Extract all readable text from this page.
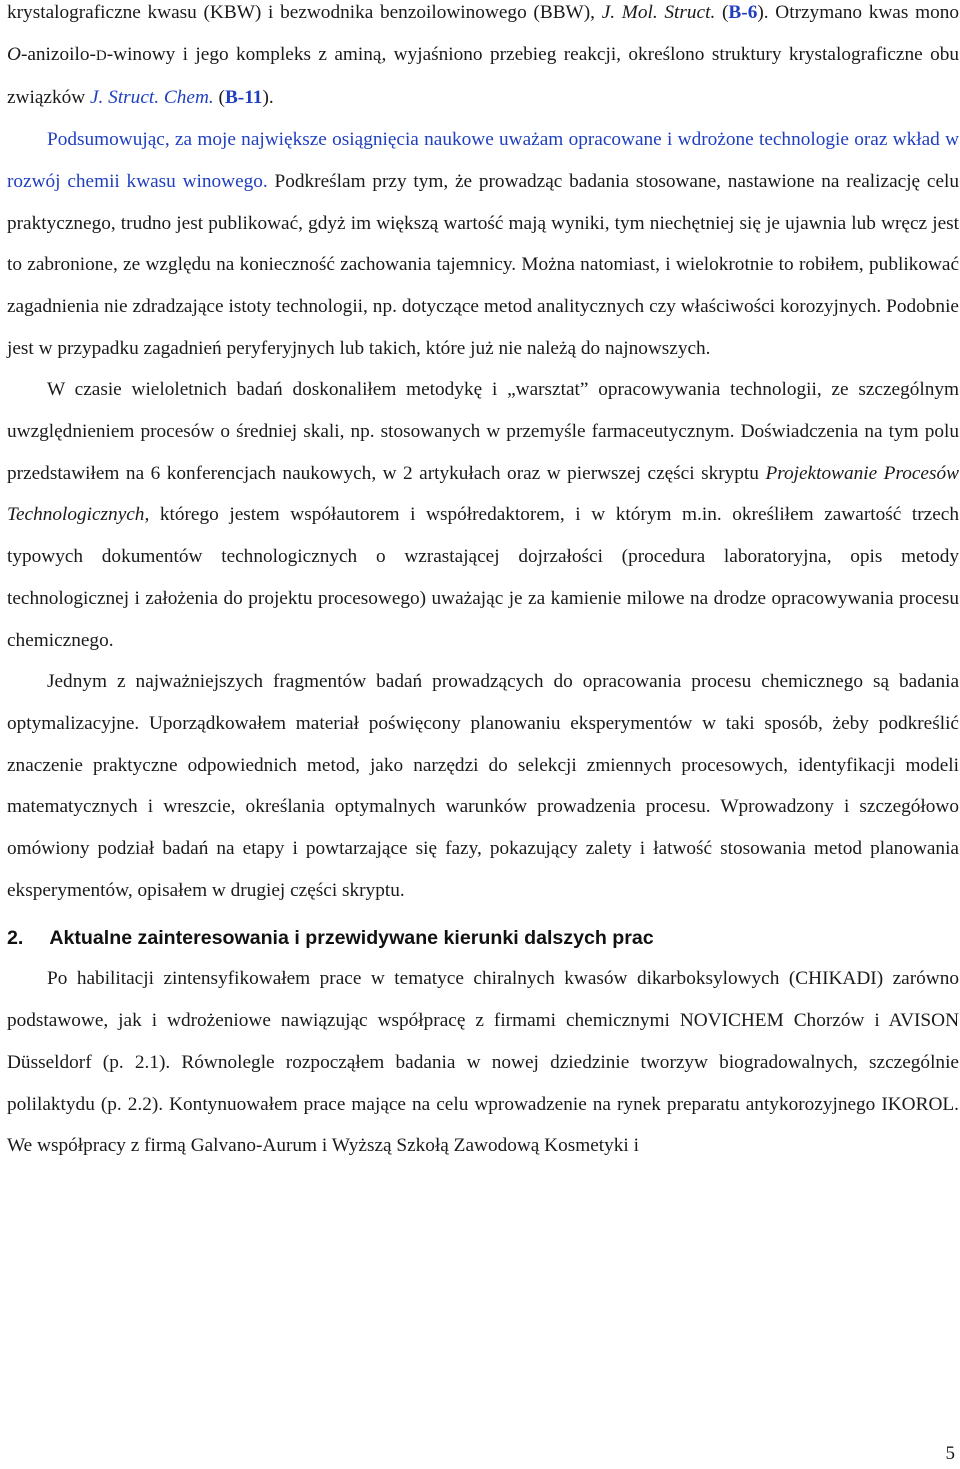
krystalograficzne kwasu (KBW) i bezwodnika benzoilowinowego (BBW), J. Mol. Struct. (B-6). Otrzymano kwas mono O-anizoilo-D-winowy i jego kompleks z aminą, wyjaśniono przebieg reakcji, określono struktury krystalograficzne obu związków J. Struct. Chem. (B-11).

Podsumowując, za moje największe osiągnięcia naukowe uważam opracowane i wdrożone technologie oraz wkład w rozwój chemii kwasu winowego. Podkreślam przy tym, że prowadząc badania stosowane, nastawione na realizację celu praktycznego, trudno jest publikować, gdyż im większą wartość mają wyniki, tym niechętniej się je ujawnia lub wręcz jest to zabronione, ze względu na konieczność zachowania tajemnicy. Można natomiast, i wielokrotnie to robiłem, publikować zagadnienia nie zdradzające istoty technologii, np. dotyczące metod analitycznych czy właściwości korozyjnych. Podobnie jest w przypadku zagadnień peryferyjnych lub takich, które już nie należą do najnowszych.

W czasie wieloletnich badań doskonaliłem metodykę i „warsztat” opracowywania technologii, ze szczególnym uwzględnieniem procesów o średniej skali, np. stosowanych w przemyśle farmaceutycznym. Doświadczenia na tym polu przedstawiłem na 6 konferencjach naukowych, w 2 artykułach oraz w pierwszej części skryptu Projektowanie Procesów Technologicznych, którego jestem współautorem i współredaktorem, i w którym m.in. określiłem zawartość trzech typowych dokumentów technologicznych o wzrastającej dojrzałości (procedura laboratoryjna, opis metody technologicznej i założenia do projektu procesowego) uważając je za kamienie milowe na drodze opracowywania procesu chemicznego.

Jednym z najważniejszych fragmentów badań prowadzących do opracowania procesu chemicznego są badania optymalizacyjne. Uporządkowałem materiał poświęcony planowaniu eksperymentów w taki sposób, żeby podkreślić znaczenie praktyczne odpowiednich metod, jako narzędzi do selekcji zmiennych procesowych, identyfikacji modeli matematycznych i wreszcie, określania optymalnych warunków prowadzenia procesu. Wprowadzony i szczegółowo omówiony podział badań na etapy i powtarzające się fazy, pokazujący zalety i łatwość stosowania metod planowania eksperymentów, opisałem w drugiej części skryptu.

2. Aktualne zainteresowania i przewidywane kierunki dalszych prac

Po habilitacji zintensyfikowałem prace w tematyce chiralnych kwasów dikarboksylowych (CHIKADI) zarówno podstawowe, jak i wdrożeniowe nawiązując współpracę z firmami chemicznymi NOVICHEM Chorzów i AVISON Düsseldorf (p. 2.1). Równolegle rozpocząłem badania w nowej dziedzinie tworzyw biogradowalnych, szczególnie polilaktydu (p. 2.2). Kontynuowałem prace mające na celu wprowadzenie na rynek preparatu antykorozyjnego IKOROL. We współpracy z firmą Galvano-Aurum i Wyższą Szkołą Zawodową Kosmetyki i

5
